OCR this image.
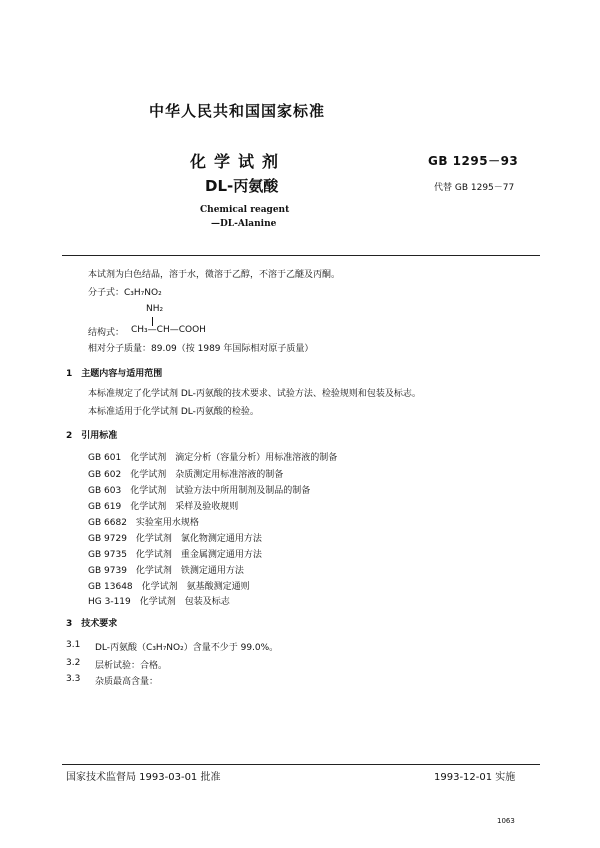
中华人民共和国国家标准
化学试剂
DL-丙氨酸
GB 1295－93
代替 GB 1295－77
Chemical reagent
—DL-Alanine
本试剂为白色结晶，溶于水，微溶于乙醇，不溶于乙醚及丙酮。
分子式：C₃H₇NO₂
NH₂
结构式： CH₃—CH—COOH
相对分子质量：89.09（按 1989 年国际相对原子质量）
1　主题内容与适用范围
本标准规定了化学试剂 DL-丙氨酸的技术要求、试验方法、检验规则和包装及标志。
本标准适用于化学试剂 DL-丙氨酸的检验。
2　引用标准
GB 601　化学试剂　滴定分析（容量分析）用标准溶液的制备
GB 602　化学试剂　杂质测定用标准溶液的制备
GB 603　化学试剂　试验方法中所用制剂及制品的制备
GB 619　化学试剂　采样及验收规则
GB 6682　实验室用水规格
GB 9729　化学试剂　氯化物测定通用方法
GB 9735　化学试剂　重金属测定通用方法
GB 9739　化学试剂　铁测定通用方法
GB 13648　化学试剂　氨基酸测定通则
HG 3-119　化学试剂　包装及标志
3　技术要求
3.1 DL-丙氨酸（C₃H₇NO₂）含量不少于 99.0%。
3.2 层析试验：合格。
3.3 杂质最高含量：
国家技术监督局 1993-03-01 批准	1993-12-01 实施
1063
